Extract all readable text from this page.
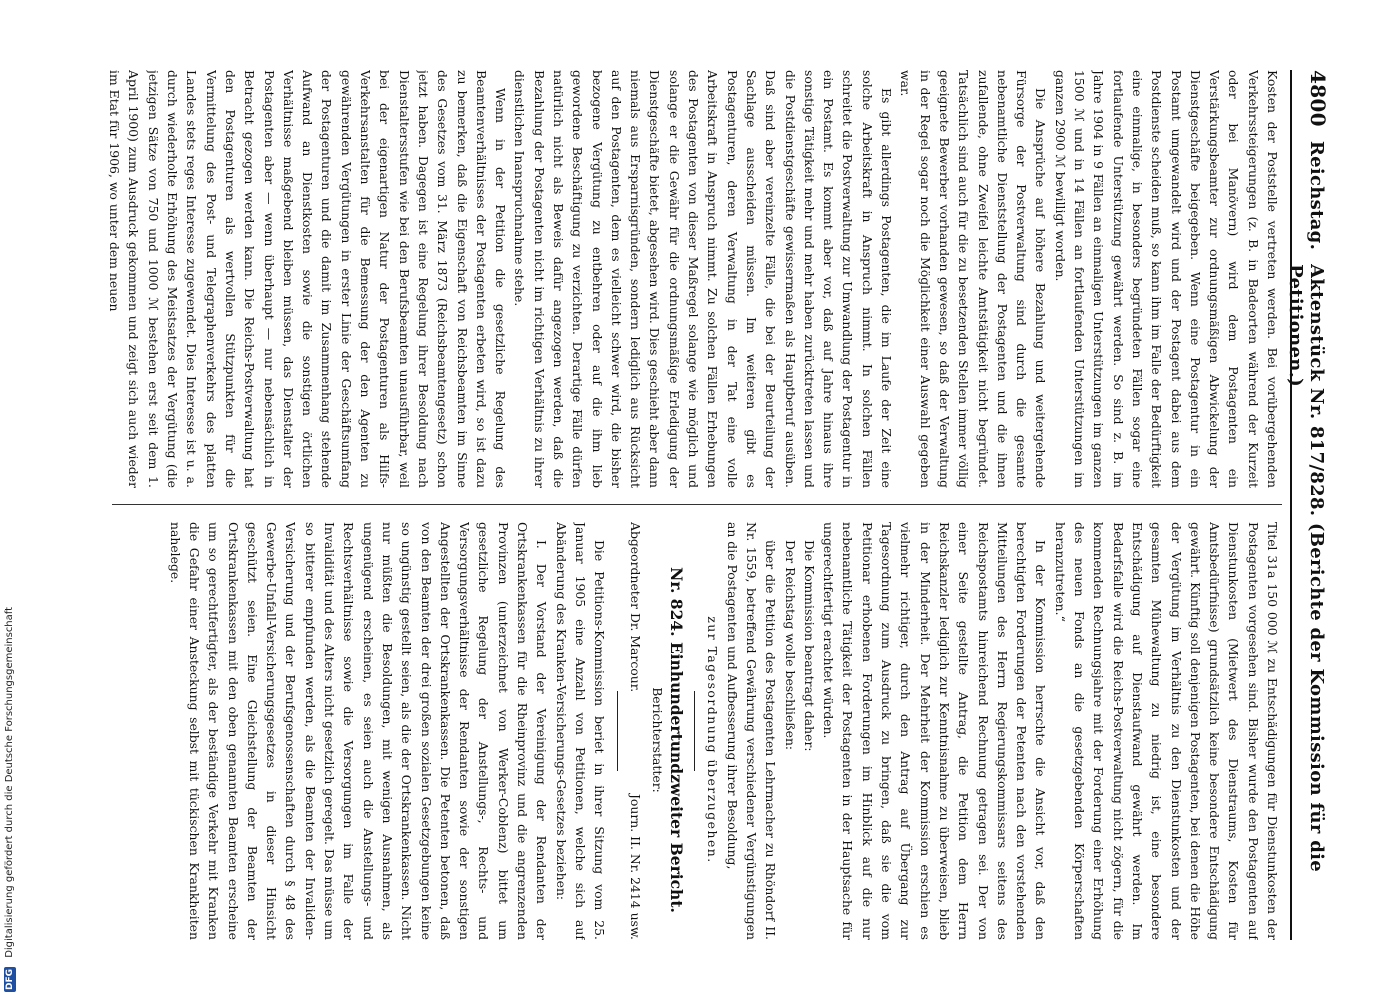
DFG Digitalisierung gefördert durch die Deutsche Forschungsgemeinschaft
4800
Reichstag.
Aktenstück Nr. 817/828. (Berichte der Kommission für die Petitionen.)

Kosten der Poststelle vertreten werden. Bei vorübergehenden Verkehrssteigerungen (z. B. in Badeorten während der Kurzeit oder bei Manövern) wird dem Postagenten ein Verstärkungsbeamter zur ordnungsmäßigen Abwickelung der Dienstgeschäfte beigegeben. Wenn eine Postagentur in ein Postamt umgewandelt wird und der Postagent dabei aus dem Postdienste scheiden muß, so kann ihm im Falle der Bedürftigkeit eine einmalige, in besonders begründeten Fällen sogar eine fortlaufende Unterstützung gewährt werden. So sind z. B. im Jahre 1904 in 9 Fällen an einmaligen Unterstützungen im ganzen 1500 ℳ und in 14 Fällen an fortlaufenden Unterstützungen im ganzen 2900 ℳ bewilligt worden.

Die Ansprüche auf höhere Bezahlung und weitergehende Fürsorge der Postverwaltung sind durch die gesamte nebenamtliche Dienststellung der Postagenten und die ihnen zufallende, ohne Zweifel leichte Amtstätigkeit nicht begründet. Tatsächlich sind auch für die zu besetzenden Stellen immer völlig geeignete Bewerber vorhanden gewesen, so daß der Verwaltung in der Regel sogar noch die Möglichkeit einer Auswahl gegeben war.

Es gibt allerdings Postagenten, die im Laufe der Zeit eine solche Arbeitskraft in Anspruch nimmt. In solchen Fällen schreitet die Postverwaltung zur Umwandlung der Postagentur in ein Postamt. Es kommt aber vor, daß auf Jahre hinaus ihre sonstige Tätigkeit mehr und mehr haben zurücktreten lassen und die Postdienstgeschäfte gewissermaßen als Hauptberuf ausüben. Daß sind aber vereinzelte Fälle, die bei der Beurteilung der Sachlage ausscheiden müssen. Im weiteren gibt es Postagenturen, deren Verwaltung in der Tat eine volle Arbeitskraft in Anspruch nimmt. Zu solchen Fällen Erhebungen des Postagenten von dieser Maßregel solange wie möglich und solange er die Gewähr für die ordnungsmäßige Erledigung der Dienstgeschäfte bietet, abgesehen wird. Dies geschieht aber dann niemals aus Ersparnisgründen, sondern lediglich aus Rücksicht auf den Postagenten, dem es vielleicht schwer wird, die bisher bezogene Vergütung zu entbehren oder auf die ihm lieb gewordene Beschäftigung zu verzichten. Derartige Fälle dürfen natürlich nicht als Beweis dafür angezogen werden, daß die Bezahlung der Postagenten nicht im richtigen Verhältnis zu ihrer dienstlichen Inanspruchnahme stehe.

Wenn in der Petition die gesetzliche Regelung des Beamtenverhältnisses der Postagenten erbeten wird, so ist dazu zu bemerken, daß die Eigenschaft von Reichsbeamten im Sinne des Gesetzes vom 31. März 1873 (Reichsbeamtengesetz) schon jetzt haben. Dagegen ist eine Regelung ihrer Besoldung nach Dienstaltersstufen wie bei den Berufsbeamten unausführbar, weil bei der eigenartigen Natur der Postagenturen als Hilfs-Verkehrsanstalten für die Bemessung der den Agenten zu gewährenden Vergütungen in erster Linie der Geschäftsumfang der Postagenturen und die damit im Zusammenhang stehende Aufwand an Dienstkosten sowie die sonstigen örtlichen Verhältnisse maßgebend bleiben müssen, das Dienstalter der Postagenten aber — wenn überhaupt — nur nebensächlich in Betracht gezogen werden kann. Die Reichs-Postverwaltung hat den Postagenturen als wertvollen Stützpunkten für die Vermittelung des Post- und Telegraphenverkehrs des platten Landes stets reges Interesse zugewendet. Dies Interesse ist u. a. durch wiederholte Erhöhung des Meistsatzes der Vergütung (die jetzigen Sätze von 750 und 1000 ℳ bestehen erst seit dem 1. April 1900) zum Ausdruck gekommen und zeigt sich auch wieder im Etat für 1906, wo unter dem neuen

Titel 31a 150 000 ℳ zu Entschädigungen für Dienstunkosten der Postagenten vorgesehen sind. Bisher wurde den Postagenten auf Dienstunkosten (Mietwert des Dienstraums, Kosten für Amtsbedürfnisse) grundsätzlich keine besondere Entschädigung gewährt. Künftig soll denjenigen Postagenten, bei denen die Höhe der Vergütung im Verhältnis zu den Dienstunkosten und der gesamten Mühewaltung zu niedrig ist, eine besondere Entschädigung auf Dienstaufwand gewährt werden. Im Bedarfsfalle wird die Reichs-Postverwaltung nicht zögern, für die kommenden Rechnungsjahre mit der Forderung einer Erhöhung des neuen Fonds an die gesetzgebenden Körperschaften heranzutreten.“

In der Kommission herrschte die Ansicht vor, daß den berechtigten Forderungen der Petenten nach den vorstehenden Mitteilungen des Herrn Regierungskommissars seitens des Reichspostamts hinreichend Rechnung getragen sei. Der von einer Seite gestellte Antrag, die Petition dem Herrn Reichskanzler lediglich zur Kenntnisnahme zu überweisen, blieb in der Minderheit. Der Mehrheit der Kommission erschien es vielmehr richtiger, durch den Antrag auf Übergang zur Tagesordnung zum Ausdruck zu bringen, daß sie die vom Petitionar erhobenen Forderungen im Hinblick auf die nur nebenamtliche Tätigkeit der Postagenten in der Hauptsache für ungerechtfertigt erachtet würden.

Die Kommission beantragt daher:

Der Reichstag wolle beschließen:

über die Petition des Postagenten Lehrmacher zu Rhöndorf II. Nr. 1559, betreffend Gewährung verschiedener Vergünstigungen an die Postagenten und Aufbesserung ihrer Besoldung,

zur Tagesordnung überzugehen.

Nr. 824. Einhundertundzweiter Bericht.

Berichterstatter:

Abgeordneter Dr. Marcour.
Journ. II. Nr. 2414 usw.

Die Petitions-Kommission beriet in ihrer Sitzung vom 25. Januar 1905 eine Anzahl von Petitionen, welche sich auf Abänderung des Kranken-Versicherungs-Gesetzes beziehen:

I. Der Vorstand der Vereinigung der Rendanten der Ortskrankenkassen für die Rheinprovinz und die angrenzenden Provinzen (unterzeichnet von Werker-Coblenz) bittet um gesetzliche Regelung der Anstellungs-, Rechts- und Versorgungsverhältnisse der Rendanten sowie der sonstigen Angestellten der Ortskrankenkassen. Die Petenten betonen, daß von den Beamten der drei großen sozialen Gesetzgebungen keine so ungünstig gestellt seien, als die der Ortskrankenkassen. Nicht nur müßten die Besoldungen, mit wenigen Ausnahmen, als ungenügend erscheinen, es seien auch die Anstellungs- und Rechtsverhältnisse sowie die Versorgungen im Falle der Invalidität und des Alters nicht gesetzlich geregelt. Das müsse um so bitterer empfunden werden, als die Beamten der Invaliden-Versicherung und der Berufsgenossenschaften durch § 48 des Gewerbe-Unfall-Versicherungsgesetzes in dieser Hinsicht geschützt seien. Eine Gleichstellung der Beamten der Ortskrankenkassen mit den oben genannten Beamten erscheine um so gerechtfertigter, als der beständige Verkehr mit Kranken die Gefahr einer Ansteckung selbst mit tückischen Krankheiten nahelege.
